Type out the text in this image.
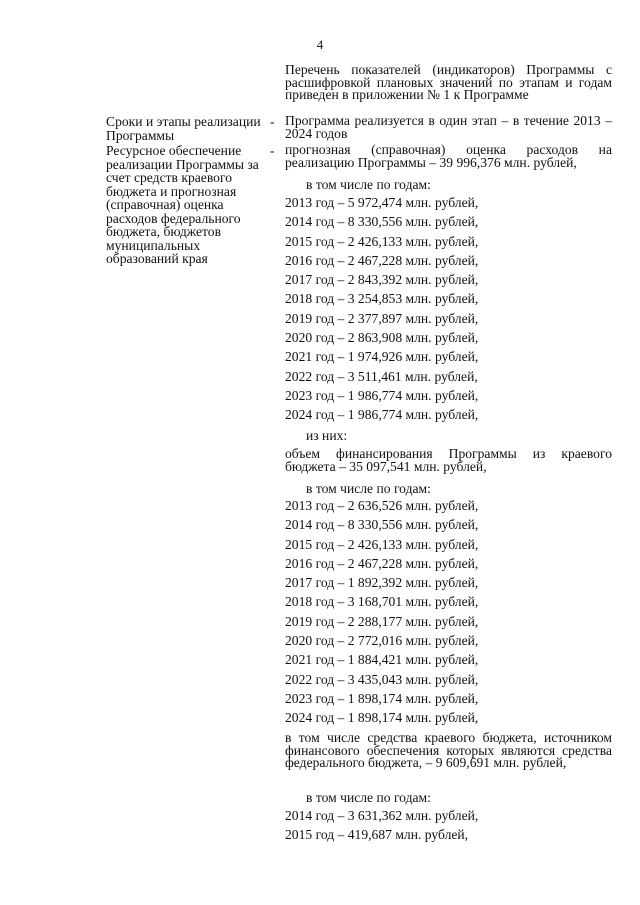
4
Перечень показателей (индикаторов) Программы с расшифровкой плановых значений по этапам и годам приведен в приложении № 1 к Программе
Сроки и этапы реализации Программы
- Программа реализуется в один этап – в течение 2013 – 2024 годов
Ресурсное обеспечение реализации Программы за счет средств краевого бюджета и прогнозная (справочная) оценка расходов федерального бюджета, бюджетов муниципальных образований края
- прогнозная (справочная) оценка расходов на реализацию Программы – 39 996,376 млн. рублей,
в том числе по годам:
2013 год – 5 972,474 млн. рублей,
2014 год – 8 330,556 млн. рублей,
2015 год – 2 426,133 млн. рублей,
2016 год – 2 467,228 млн. рублей,
2017 год – 2 843,392 млн. рублей,
2018 год – 3 254,853 млн. рублей,
2019 год – 2 377,897 млн. рублей,
2020 год – 2 863,908 млн. рублей,
2021 год – 1 974,926 млн. рублей,
2022 год – 3 511,461 млн. рублей,
2023 год – 1 986,774 млн. рублей,
2024 год – 1 986,774 млн. рублей,
из них:
объем финансирования Программы из краевого бюджета – 35 097,541 млн. рублей,
в том числе по годам:
2013 год – 2 636,526 млн. рублей,
2014 год – 8 330,556 млн. рублей,
2015 год – 2 426,133 млн. рублей,
2016 год – 2 467,228 млн. рублей,
2017 год – 1 892,392 млн. рублей,
2018 год – 3 168,701 млн. рублей,
2019 год – 2 288,177 млн. рублей,
2020 год – 2 772,016 млн. рублей,
2021 год – 1 884,421 млн. рублей,
2022 год – 3 435,043 млн. рублей,
2023 год – 1 898,174 млн. рублей,
2024 год – 1 898,174 млн. рублей,
в том числе средства краевого бюджета, источником финансового обеспечения которых являются средства федерального бюджета, – 9 609,691 млн. рублей,
в том числе по годам:
2014 год – 3 631,362 млн. рублей,
2015 год – 419,687 млн. рублей,
